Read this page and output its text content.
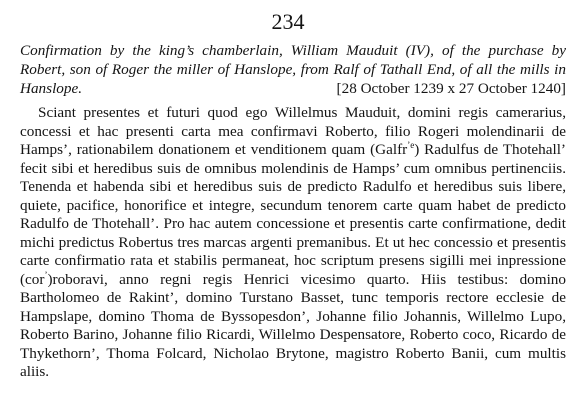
234
Confirmation by the king’s chamberlain, William Mauduit (IV), of the purchase by Robert, son of Roger the miller of Hanslope, from Ralf of Tathall End, of all the mills in Hanslope.	[28 October 1239 x 27 October 1240]
Sciant presentes et futuri quod ego Willelmus Mauduit, domini regis camerarius, concessi et hac presenti carta mea confirmavi Roberto, filio Rogeri molendinarii de Hamps’, rationabilem donationem et venditionem quam (Galfr$^{’e}$) Radulfus de Thotehall’ fecit sibi et heredibus suis de omnibus molendinis de Hamps’ cum omnibus pertinenciis. Tenenda et habenda sibi et heredibus suis de predicto Radulfo et heredibus suis libere, quiete, pacifice, honorifice et integre, secundum tenorem carte quam habet de predicto Radulfo de Thotehall’. Pro hac autem concessione et presentis carte confirmatione, dedit michi predictus Robertus tres marcas argenti premanibus. Et ut hec concessio et presentis carte confirmatio rata et stabilis permaneat, hoc scriptum presens sigilli mei inpressione (cor’)roboravi, anno regni regis Henrici vicesimo quarto. Hiis testibus: domino Bartholomeo de Rakint’, domino Turstano Basset, tunc temporis rectore ecclesie de Hampslape, domino Thoma de Byssopesdon’, Johanne filio Johannis, Willelmo Lupo, Roberto Barino, Johanne filio Ricardi, Willelmo Despensatore, Roberto coco, Ricardo de Thykethorn’, Thoma Folcard, Nicholao Brytone, magistro Roberto Banii, cum multis aliis.
